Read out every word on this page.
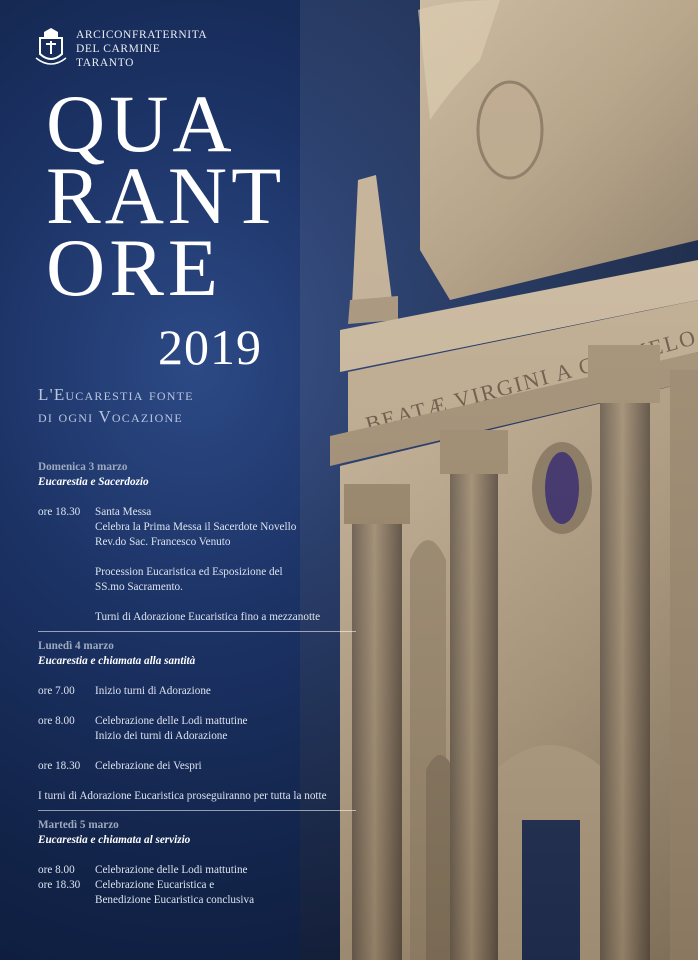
ARCICONFRATERNITA
DEL CARMINE
TARANTO
QUA
RANT
ORE
2019
L'Eucarestia fonte
di ogni Vocazione
Domenica 3 marzo
Eucarestia e Sacerdozio
ore 18.30	Santa Messa
Celebra la Prima Messa il Sacerdote Novello
Rev.do Sac. Francesco Venuto
Procession Eucaristica ed Esposizione del
SS.mo Sacramento.
Turni di Adorazione Eucaristica fino a mezzanotte
Lunedì 4 marzo
Eucarestia e chiamata alla santità
ore 7.00	Inizio turni di Adorazione
ore 8.00	Celebrazione delle Lodi mattutine
Inizio dei turni di Adorazione
ore 18.30	Celebrazione dei Vespri
I turni di Adorazione Eucaristica proseguiranno per tutta la notte
Martedì 5 marzo
Eucarestia e chiamata al servizio
ore 8.00	Celebrazione delle Lodi mattutine
ore 18.30	Celebrazione Eucaristica e
Benedizione Eucaristica conclusiva
